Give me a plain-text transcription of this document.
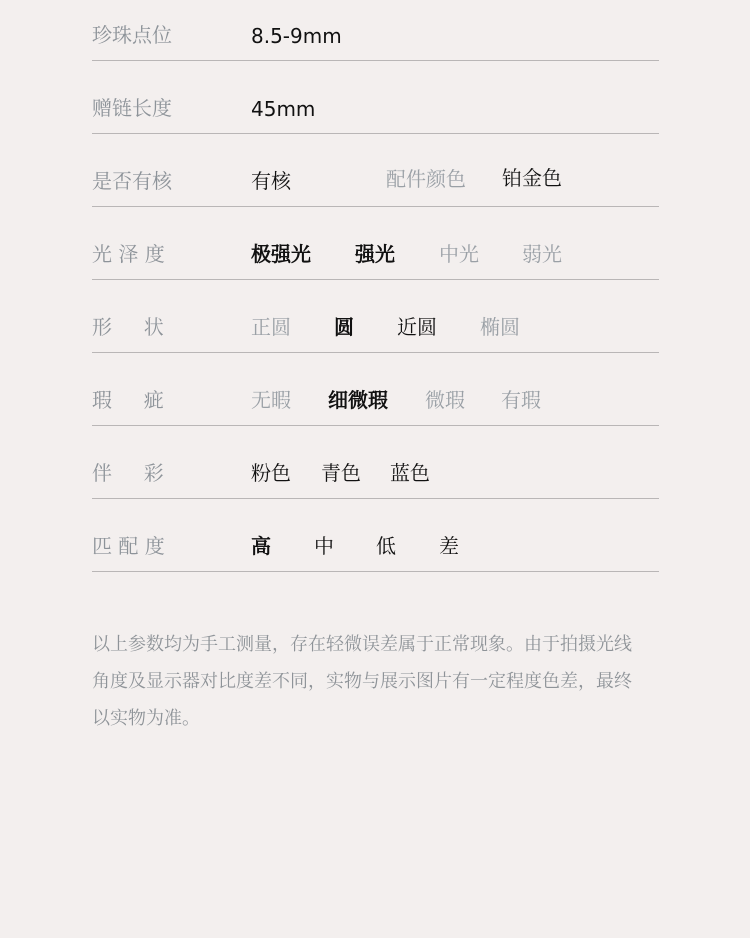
珍珠点位	8.5-9mm
赠链长度	45mm
是否有核	有核	配件颜色 铂金色
光 泽 度	极强光 强光 中光 弱光
形     状	正圆 圆 近圆 椭圆
瑕     疵	无暇 细微瑕 微瑕 有瑕
伴     彩	粉色 青色 蓝色
匹 配 度	高 中 低 差
以上参数均为手工测量，存在轻微误差属于正常现象。由于拍摄光线
角度及显示器对比度差不同，实物与展示图片有一定程度色差，最终
以实物为准。
